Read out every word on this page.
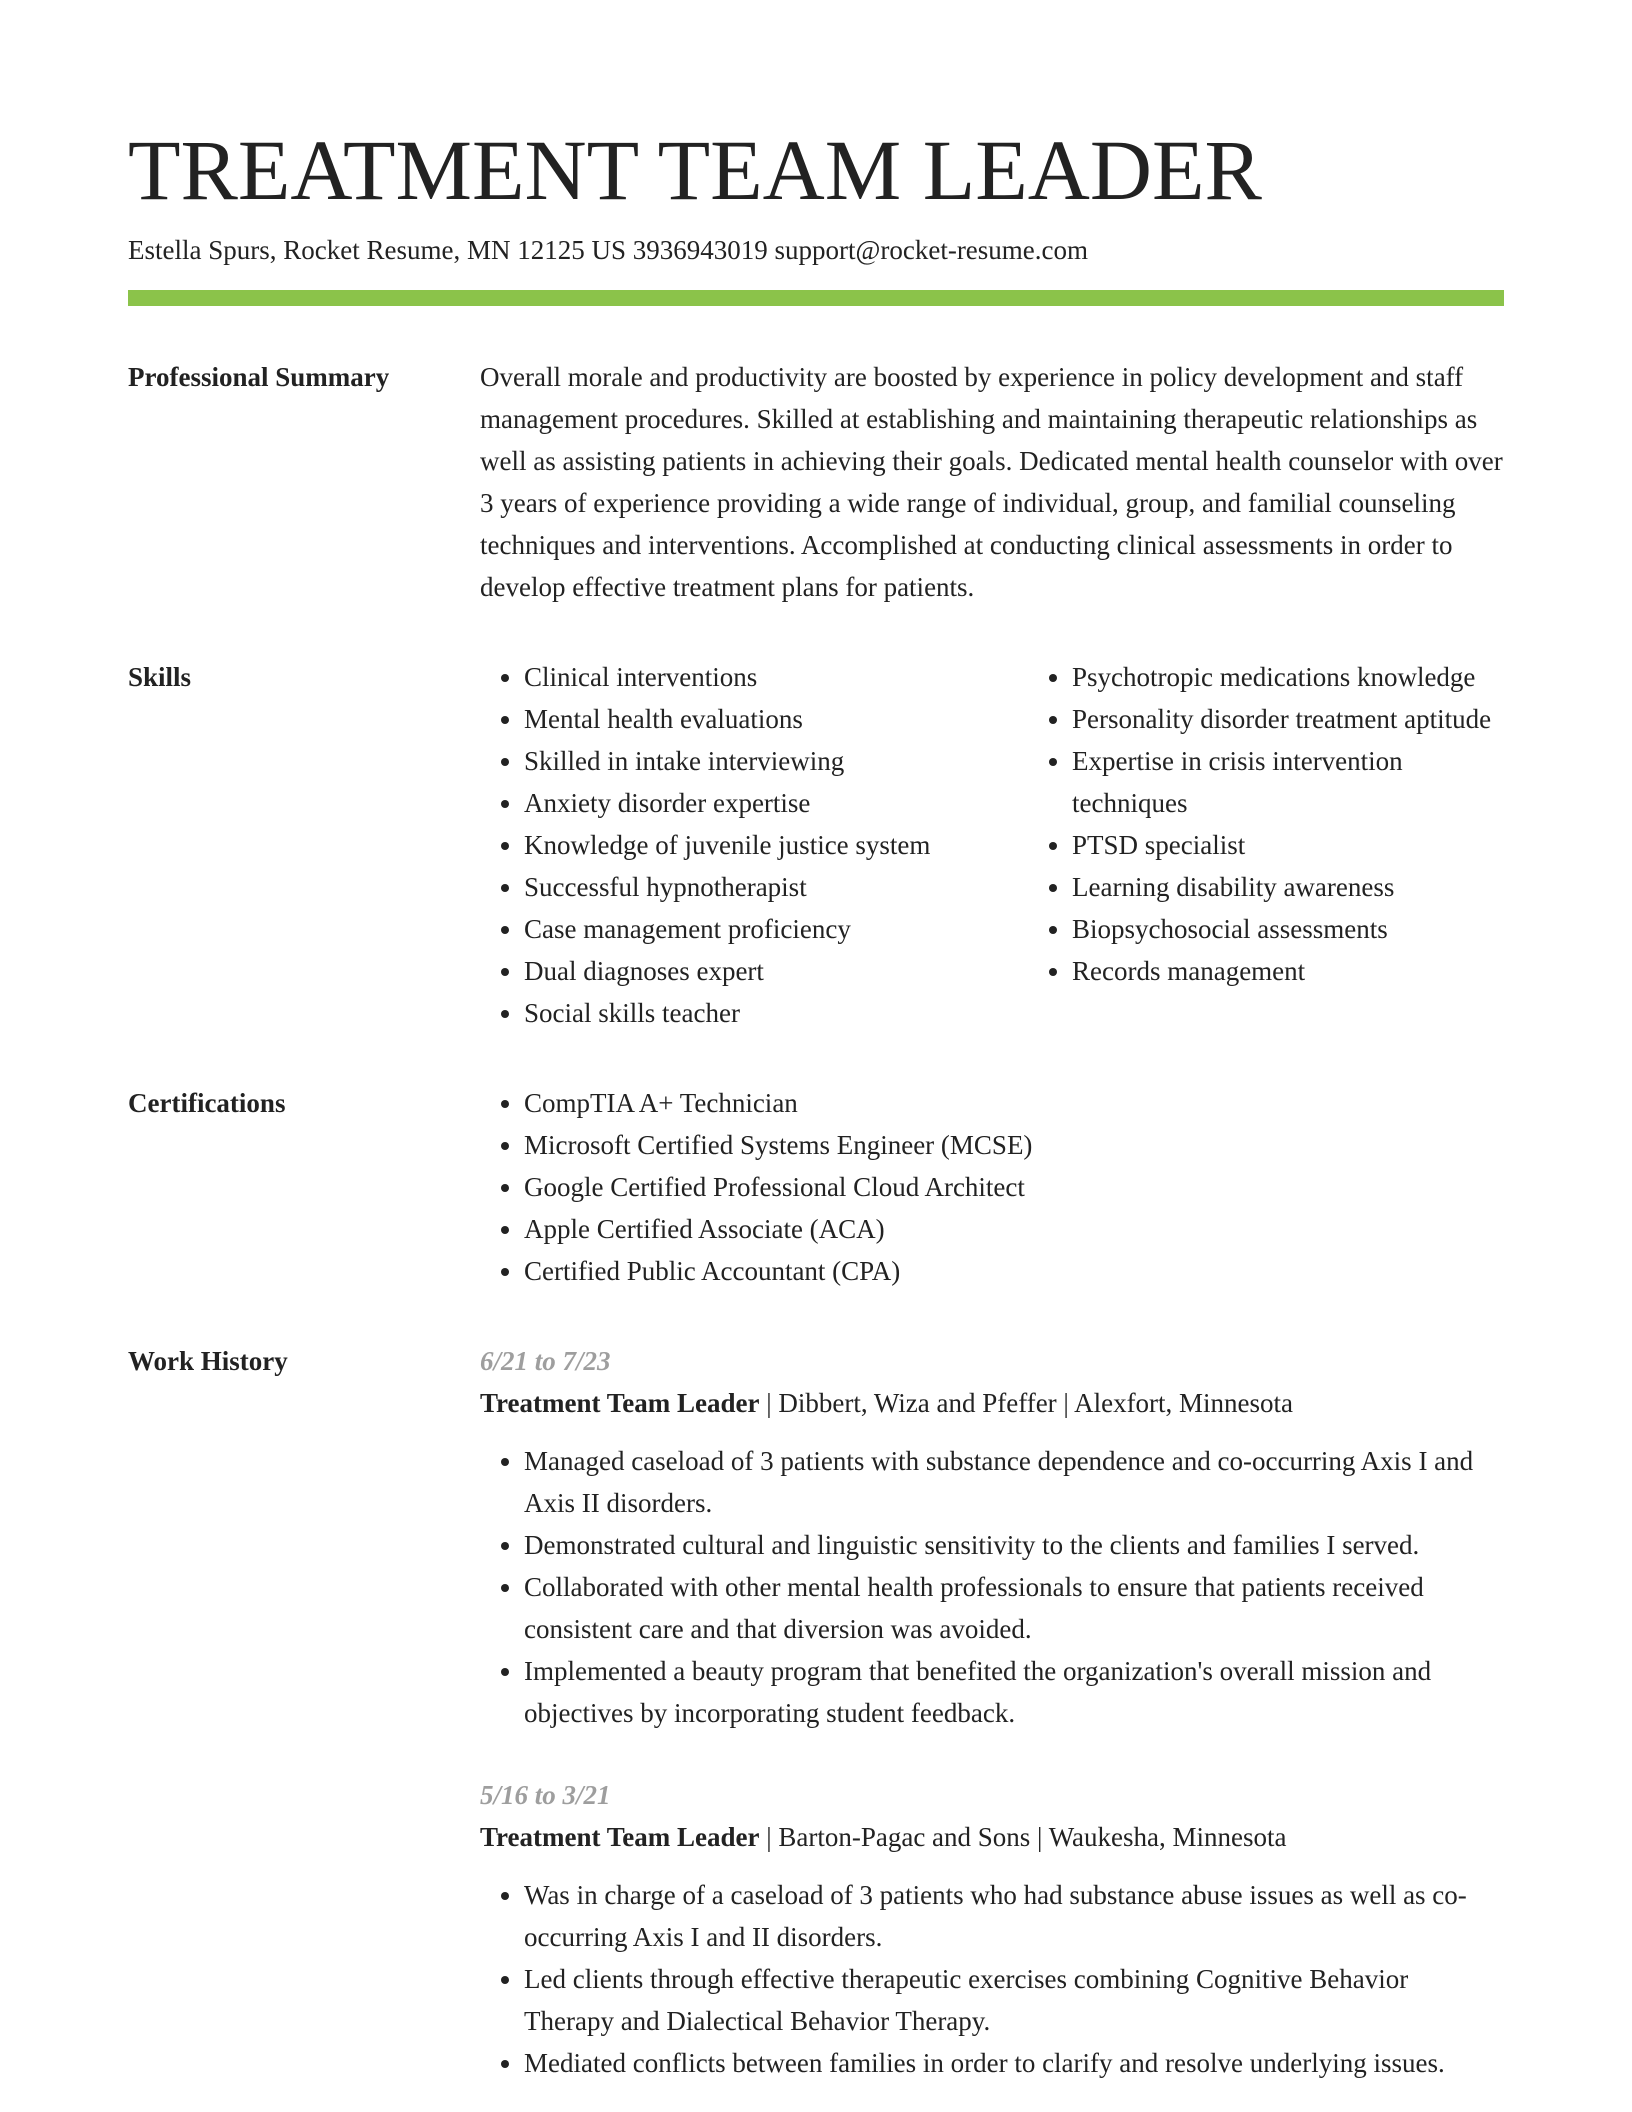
TREATMENT TEAM LEADER
Estella Spurs, Rocket Resume, MN 12125 US 3936943019 support@rocket-resume.com
Professional Summary	Overall morale and productivity are boosted by experience in policy development and staff management procedures. Skilled at establishing and maintaining therapeutic relationships as well as assisting patients in achieving their goals. Dedicated mental health counselor with over 3 years of experience providing a wide range of individual, group, and familial counseling techniques and interventions. Accomplished at conducting clinical assessments in order to develop effective treatment plans for patients.

Skills	• Clinical interventions
• Mental health evaluations
• Skilled in intake interviewing
• Anxiety disorder expertise
• Knowledge of juvenile justice system
• Successful hypnotherapist
• Case management proficiency
• Dual diagnoses expert
• Social skills teacher
• Psychotropic medications knowledge
• Personality disorder treatment aptitude
• Expertise in crisis intervention techniques
• PTSD specialist
• Learning disability awareness
• Biopsychosocial assessments
• Records management
Certifications	• CompTIA A+ Technician
• Microsoft Certified Systems Engineer (MCSE)
• Google Certified Professional Cloud Architect
• Apple Certified Associate (ACA)
• Certified Public Accountant (CPA)
Work History	6/21 to 7/23
Treatment Team Leader | Dibbert, Wiza and Pfeffer | Alexfort, Minnesota
• Managed caseload of 3 patients with substance dependence and co-occurring Axis I and Axis II disorders.
• Demonstrated cultural and linguistic sensitivity to the clients and families I served.
• Collaborated with other mental health professionals to ensure that patients received consistent care and that diversion was avoided.
• Implemented a beauty program that benefited the organization's overall mission and objectives by incorporating student feedback.
5/16 to 3/21
Treatment Team Leader | Barton-Pagac and Sons | Waukesha, Minnesota
• Was in charge of a caseload of 3 patients who had substance abuse issues as well as co-occurring Axis I and II disorders.
• Led clients through effective therapeutic exercises combining Cognitive Behavior Therapy and Dialectical Behavior Therapy.
• Mediated conflicts between families in order to clarify and resolve underlying issues.
